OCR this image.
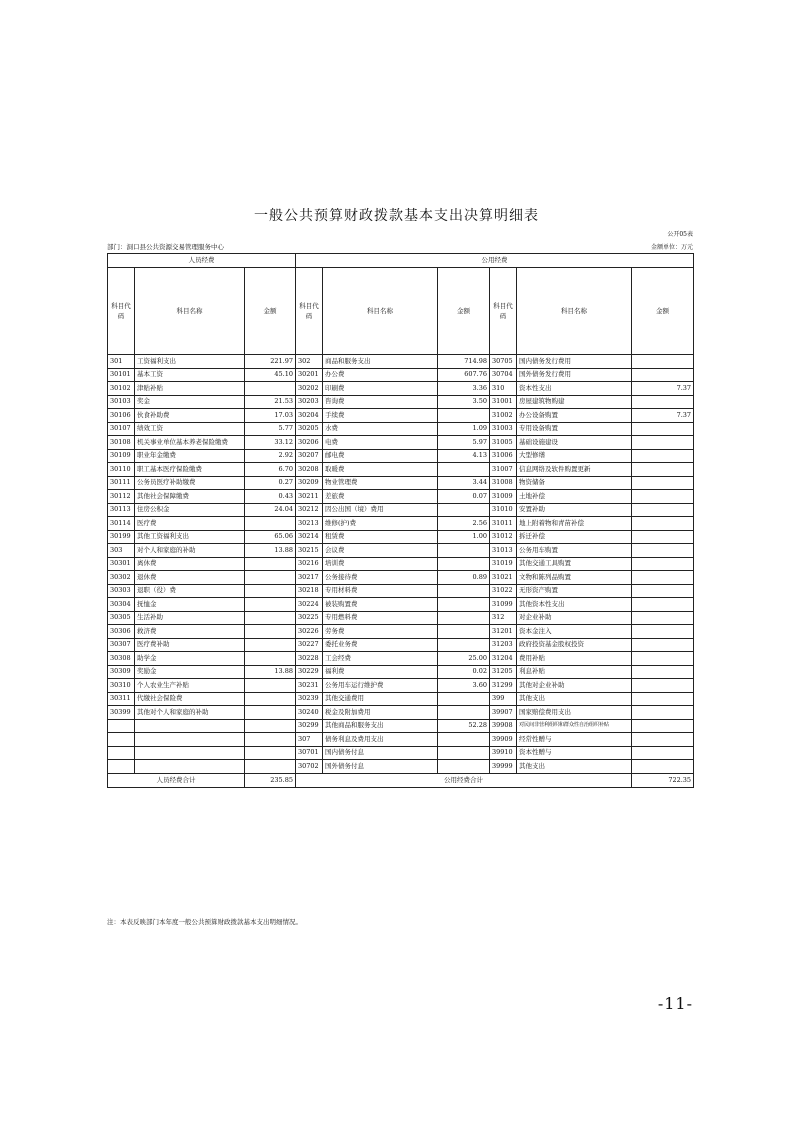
一般公共预算财政拨款基本支出决算明细表
公开05表
部门：洞口县公共资源交易管理服务中心	金额单位：万元
人员经费			公用经费					
科目代码	科目名称	金额	科目代码	科目名称	金额	科目代码	科目名称	金额
301	工资福利支出	221.97	302	商品和服务支出	714.98	30705	国内债务发行费用	
30101	基本工资	45.10	30201	办公费	607.76	30704	国外债务发行费用	
30102	津贴补贴		30202	印刷费	3.36	310	资本性支出	7.37
30103	奖金	21.53	30203	咨询费	3.50	31001	房屋建筑物购建	
30106	伙食补助费	17.03	30204	手续费		31002	办公设备购置	7.37
30107	绩效工资	5.77	30205	水费	1.09	31003	专用设备购置	
30108	机关事业单位基本养老保险缴费	33.12	30206	电费	5.97	31005	基础设施建设	
30109	职业年金缴费	2.92	30207	邮电费	4.13	31006	大型修缮	
30110	职工基本医疗保险缴费	6.70	30208	取暖费		31007	信息网络及软件购置更新	
30111	公务员医疗补助缴费	0.27	30209	物业管理费	3.44	31008	物资储备	
30112	其他社会保障缴费	0.43	30211	差旅费	0.07	31009	土地补偿	
30113	住房公积金	24.04	30212	因公出国（境）费用		31010	安置补助	
30114	医疗费		30213	维修(护)费	2.56	31011	地上附着物和青苗补偿	
30199	其他工资福利支出	65.06	30214	租赁费	1.00	31012	拆迁补偿	
303	对个人和家庭的补助	13.88	30215	会议费		31013	公务用车购置	
30301	离休费		30216	培训费		31019	其他交通工具购置	
30302	退休费		30217	公务接待费	0.89	31021	文物和陈列品购置	
30303	退职（役）费		30218	专用材料费		31022	无形资产购置	
30304	抚恤金		30224	被装购置费		31099	其他资本性支出	
30305	生活补助		30225	专用燃料费		312	对企业补助	
30306	救济费		30226	劳务费		31201	资本金注入	
30307	医疗费补助		30227	委托业务费		31203	政府投资基金股权投资	
30308	助学金		30228	工会经费	25.00	31204	费用补贴	
30309	奖励金	13.88	30229	福利费	0.02	31205	利息补贴	
30310	个人农业生产补贴		30231	公务用车运行维护费	3.60	31299	其他对企业补助	
30311	代缴社会保险费		30239	其他交通费用		399	其他支出	
30399	其他对个人和家庭的补助		30240	税金及附加费用		39907	国家赔偿费用支出	
			30299	其他商品和服务支出	52.28	39908	对民间非营利组织和群众性自治组织补贴	
			307	债务利息及费用支出		39909	经常性赠与	
			30701	国内债务付息		39910	资本性赠与	
			30702	国外债务付息		39999	其他支出	
人员经费合计		235.85	公用经费合计					722.35
注：本表反映部门本年度一般公共预算财政拨款基本支出明细情况。
-11-
